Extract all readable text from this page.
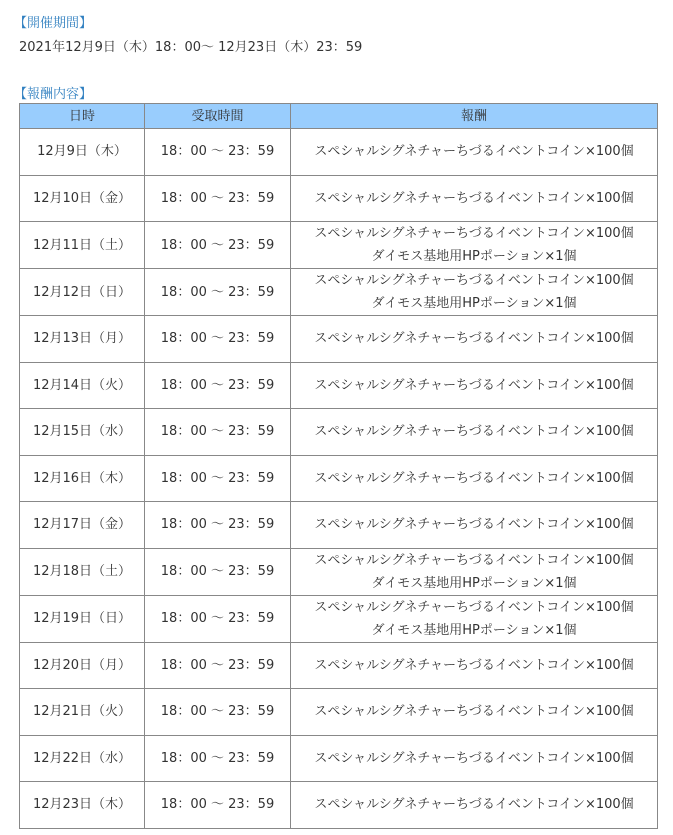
【開催期間】
2021年12月9日（木）18：00～ 12月23日（木）23：59
【報酬内容】
日時	受取時間	報酬
12月9日（木）	18：00 ～ 23：59	スペシャルシグネチャーちづるイベントコイン×100個

12月10日（金）	18：00 ～ 23：59	スペシャルシグネチャーちづるイベントコイン×100個

12月11日（土）	18：00 ～ 23：59	スペシャルシグネチャーちづるイベントコイン×100個
ダイモス基地用HPポーション×1個

12月12日（日）	18：00 ～ 23：59	スペシャルシグネチャーちづるイベントコイン×100個
ダイモス基地用HPポーション×1個

12月13日（月）	18：00 ～ 23：59	スペシャルシグネチャーちづるイベントコイン×100個

12月14日（火）	18：00 ～ 23：59	スペシャルシグネチャーちづるイベントコイン×100個

12月15日（水）	18：00 ～ 23：59	スペシャルシグネチャーちづるイベントコイン×100個

12月16日（木）	18：00 ～ 23：59	スペシャルシグネチャーちづるイベントコイン×100個

12月17日（金）	18：00 ～ 23：59	スペシャルシグネチャーちづるイベントコイン×100個

12月18日（土）	18：00 ～ 23：59	スペシャルシグネチャーちづるイベントコイン×100個
ダイモス基地用HPポーション×1個

12月19日（日）	18：00 ～ 23：59	スペシャルシグネチャーちづるイベントコイン×100個
ダイモス基地用HPポーション×1個

12月20日（月）	18：00 ～ 23：59	スペシャルシグネチャーちづるイベントコイン×100個

12月21日（火）	18：00 ～ 23：59	スペシャルシグネチャーちづるイベントコイン×100個

12月22日（水）	18：00 ～ 23：59	スペシャルシグネチャーちづるイベントコイン×100個

12月23日（木）	18：00 ～ 23：59	スペシャルシグネチャーちづるイベントコイン×100個
